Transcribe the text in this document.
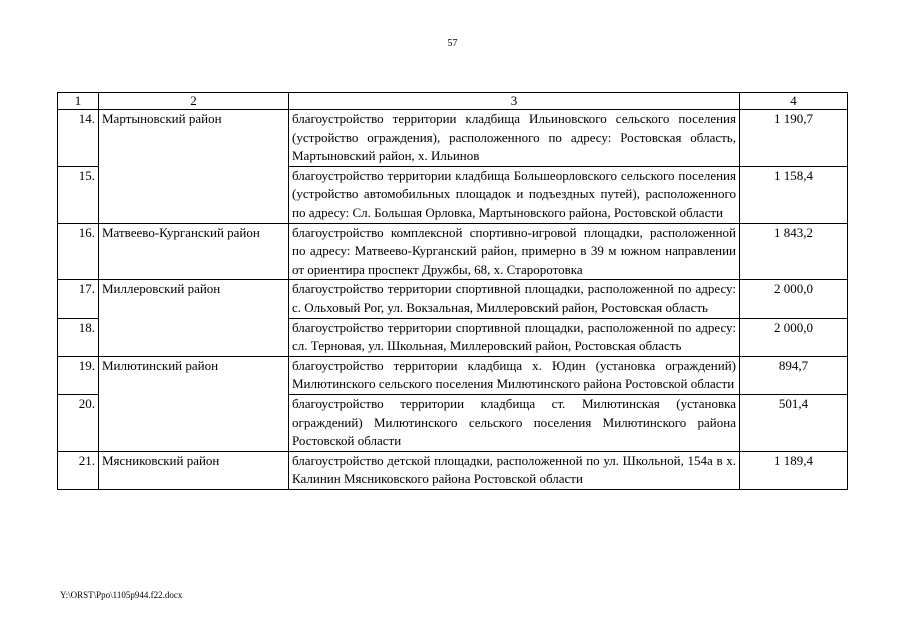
57
1	2	3	4
14.	Мартыновский район	благоустройство территории кладбища Ильиновского сельского поселения (устройство ограждения), расположенного по адресу: Ростовская область, Мартыновский район, х. Ильинов	1 190,7
15.		благоустройство территории кладбища Большеорловского сельского поселения (устройство автомобильных площадок и подъездных путей), расположенного по адресу: Сл. Большая Орловка, Мартыновского района, Ростовской области	1 158,4
16.	Матвеево-Курганский район	благоустройство комплексной спортивно-игровой площадки, расположенной по адресу: Матвеево-Курганский район, примерно в 39 м южном направлении от ориентира проспект Дружбы, 68, х. Староротовка	1 843,2
17.	Миллеровский район	благоустройство территории спортивной площадки, расположенной по адресу: с. Ольховый Рог, ул. Вокзальная, Миллеровский район, Ростовская область	2 000,0
18.		благоустройство территории спортивной площадки, расположенной по адресу: сл. Терновая, ул. Школьная, Миллеровский район, Ростовская область	2 000,0
19.	Милютинский район	благоустройство территории кладбища х. Юдин (установка ограждений) Милютинского сельского поселения Милютинского района Ростовской области	894,7
20.		благоустройство территории кладбища ст. Милютинская (установка ограждений) Милютинского сельского поселения Милютинского района Ростовской области	501,4
21.	Мясниковский район	благоустройство детской площадки, расположенной по ул. Школьной, 154а в х. Калинин Мясниковского района Ростовской области	1 189,4
Y:\ORST\Ppo\1105p944.f22.docx
